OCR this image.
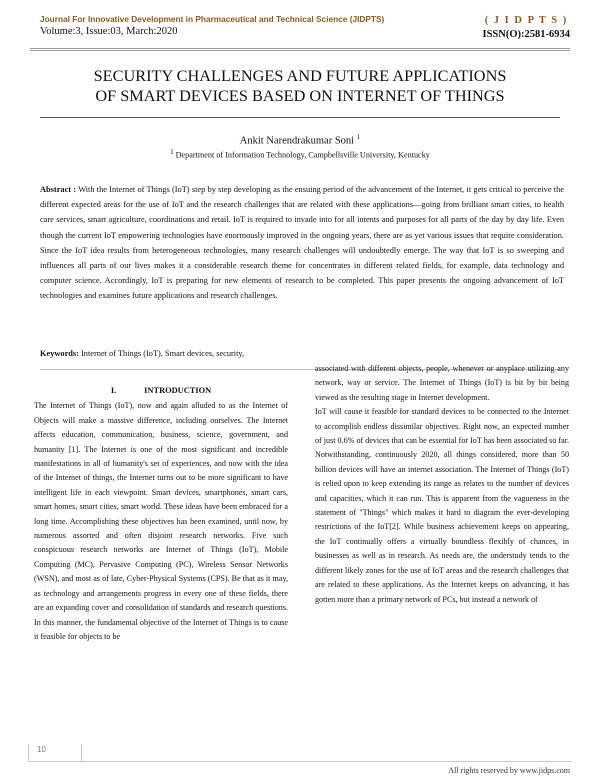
Journal For Innovative Development in Pharmaceutical and Technical Science (JIDPTS)
Volume:3, Issue:03, March:2020
( J I D P T S )
ISSN(O):2581-6934
SECURITY CHALLENGES AND FUTURE APPLICATIONS
OF SMART DEVICES BASED ON INTERNET OF THINGS
Ankit Narendrakumar Soni $^1$
$^1$ Department of Information Technology, Campbellsville University, Kentucky
Abstract : With the Internet of Things (IoT) step by step developing as the ensuing period of the advancement of the Internet, it gets critical to perceive the different expected areas for the use of IoT and the research challenges that are related with these applications—going from brilliant smart cities, to health care services, smart agriculture, coordinations and retail. IoT is required to invade into for all intents and purposes for all parts of the day by day life. Even though the current IoT empowering technologies have enormously improved in the ongoing years, there are as yet various issues that require consideration. Since the IoT idea results from heterogeneous technologies, many research challenges will undoubtedly emerge. The way that IoT is so sweeping and influences all parts of our lives makes it a considerable research theme for concentrates in different related fields, for example, data technology and computer science. Accordingly, IoT is preparing for new elements of research to be completed. This paper presents the ongoing advancement of IoT technologies and examines future applications and research challenges.
Keywords: Internet of Things (IoT), Smart devices, security,
I.	INTRODUCTION

The Internet of Things (IoT), now and again alluded to as the Internet of Objects will make a massive difference, including ourselves. The Internet affects education, communication, business, science, government, and humanity [1]. The Internet is one of the most significant and incredible manifestations in all of humanity's set of experiences, and now with the idea of the Internet of things, the Internet turns out to be more significant to have intelligent life in each viewpoint. Smart devices, smartphones, smart cars, smart homes, smart cities, smart world. These ideas have been embraced for a long time. Accomplishing these objectives has been examined, until now, by numerous assorted and often disjoint research networks. Five such conspicuous research networks are Internet of Things (IoT), Mobile Computing (MC), Pervasive Computing (PC), Wireless Sensor Networks (WSN), and most as of late, Cyber-Physical Systems (CPS). Be that as it may, as technology and arrangements progress in every one of these fields, there are an expanding cover and consolidation of standards and research questions. In this manner, the fundamental objective of the Internet of Things is to cause it feasible for objects to be

associated with different objects, people, whenever or anyplace utilizing any network, way or service. The Internet of Things (IoT) is bit by bit being viewed as the resulting stage in Internet development.

IoT will cause it feasible for standard devices to be connected to the Internet to accomplish endless dissimilar objectives. Right now, an expected number of just 0.6% of devices that can be essential for IoT has been associated so far. Notwithstanding, continuously 2020, all things considered, more than 50 billion devices will have an internet association. The Internet of Things (IoT) is relied upon to keep extending its range as relates to the number of devices and capacities, which it can run. This is apparent from the vagueness in the statement of "Things" which makes it hard to diagram the ever-developing restrictions of the IoT[2]. While business achievement keeps on appearing, the IoT continually offers a virtually boundless flexibly of chances, in businesses as well as in research. As needs are, the understudy tends to the different likely zones for the use of IoT areas and the research challenges that are related to these applications. As the Internet keeps on advancing, it has gotten more than a primary network of PCs, but instead a network of

10
All rights reserved by www.jidps.com
